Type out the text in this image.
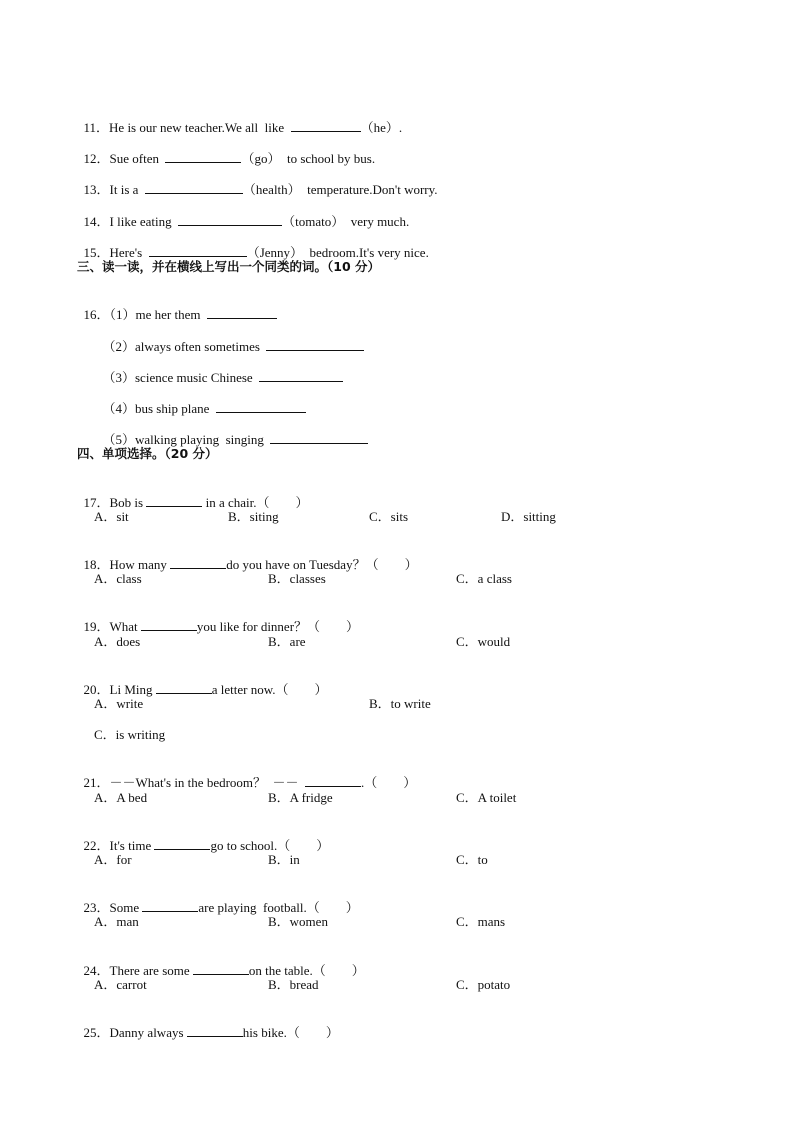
11．He is our new teacher.We all  like	（he）.

12．Sue often	（go）  to school by bus.

13．It is a	（health）  temperature.Don't worry.

14．I like eating	（tomato）  very much.

15．Here's	（Jenny）  bedroom.It's very nice.

三、读一读，并在横线上写出一个同类的词。（10 分）

16．（1）me her them

（2）always often sometimes

（3）science music Chinese

（4）bus ship plane

（5）walking playing  singing

四、单项选择。（20 分）

17．Bob is	in a chair.（　　）

A．sit	B．siting	C．sits	D．sitting

18．How many	do you have on Tuesday？（　　）

A．class	B．classes	C．a class

19．What	you like for dinner？（　　）

A．does	B．are	C．would

20．Li Ming	a letter now.（　　）

A．write	B．to write
C．is writing

21．－－What's in the bedroom？  －－	.（　　）

A．A bed	B．A fridge	C．A toilet

22．It's time	go to school.（　　）

A．for	B．in	C．to

23．Some	are playing  football.（　　）

A．man	B．women	C．mans

24．There are some	on the table.（　　）

A．carrot	B．bread	C．potato

25．Danny always	his bike.（　　）
